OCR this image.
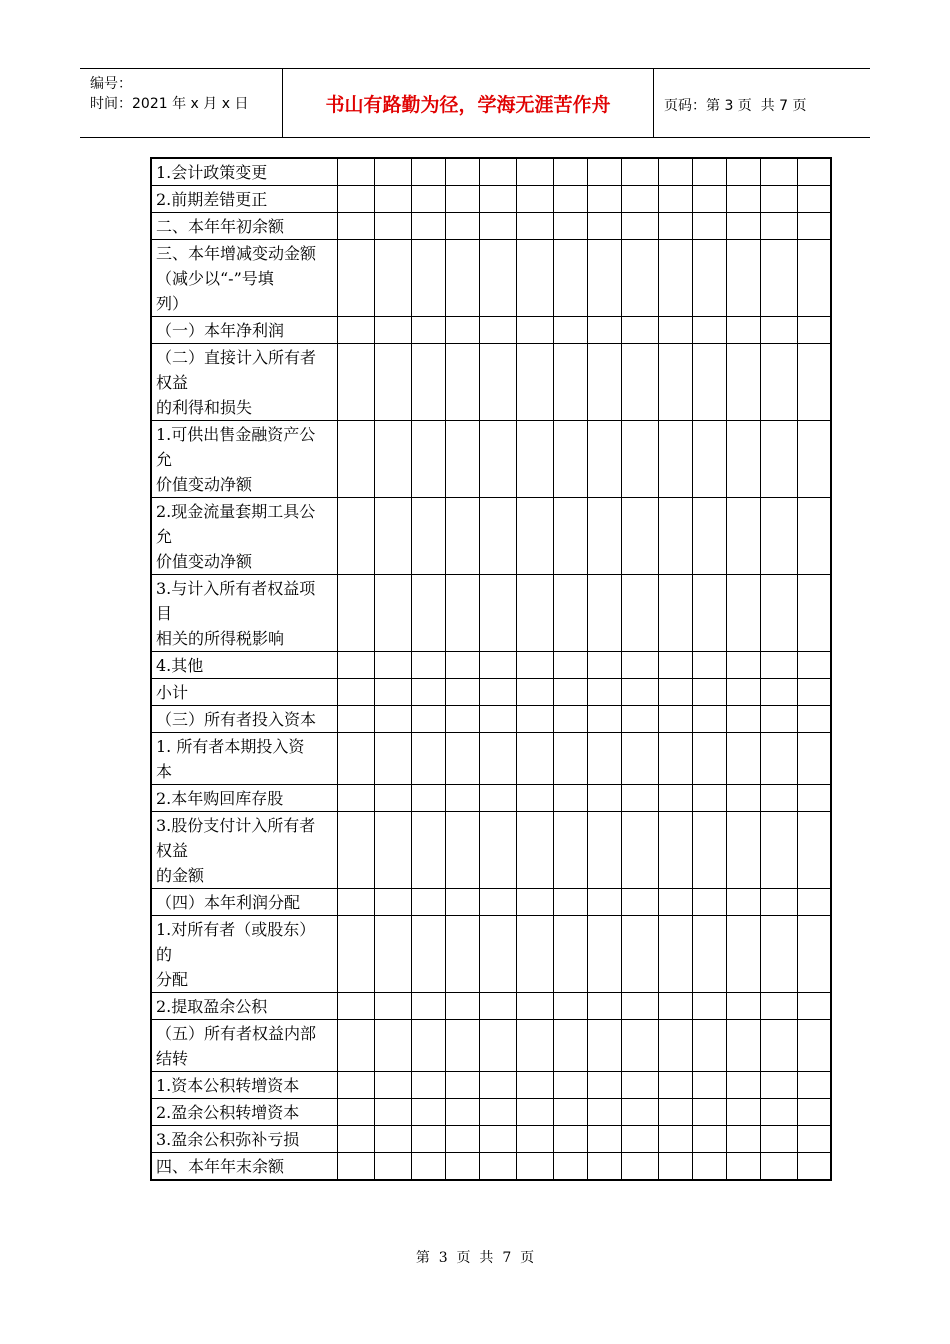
编号：
时间：2021 年 x 月 x 日	书山有路勤为径，学海无涯苦作舟	页码：第 3 页  共 7 页
1.会计政策变更														
2.前期差错更正														
二、本年年初余额														
三、本年增减变动金额
（减少以“-”号填
列）														
（一）本年净利润														
（二）直接计入所有者
权益
的利得和损失														
1.可供出售金融资产公
允
价值变动净额														
2.现金流量套期工具公
允
价值变动净额														
3.与计入所有者权益项
目
相关的所得税影响														
4.其他														
小计														
（三）所有者投入资本														
1. 所有者本期投入资
本														
2.本年购回库存股														
3.股份支付计入所有者
权益
的金额														
（四）本年利润分配														
1.对所有者（或股东）
的
分配														
2.提取盈余公积														
（五）所有者权益内部
结转														
1.资本公积转增资本														
2.盈余公积转增资本														
3.盈余公积弥补亏损														
四、本年年末余额														
第  3  页  共  7  页
